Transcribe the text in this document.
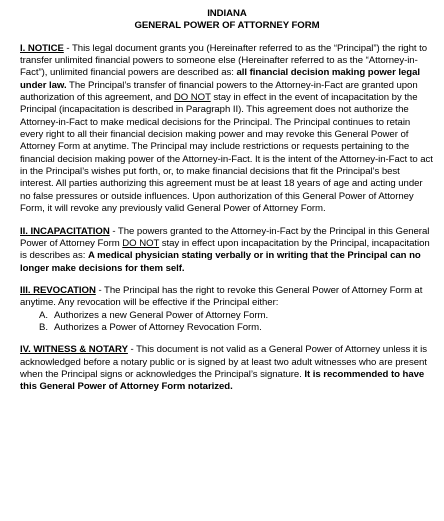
INDIANA

GENERAL POWER OF ATTORNEY FORM

I. NOTICE - This legal document grants you (Hereinafter referred to as the “Principal”) the right to transfer unlimited financial powers to someone else (Hereinafter referred to as the “Attorney-in-Fact”), unlimited financial powers are described as: all financial decision making power legal under law. The Principal’s transfer of financial powers to the Attorney-in-Fact are granted upon authorization of this agreement, and DO NOT stay in effect in the event of incapacitation by the Principal (incapacitation is described in Paragraph II). This agreement does not authorize the Attorney-in-Fact to make medical decisions for the Principal. The Principal continues to retain every right to all their financial decision making power and may revoke this General Power of Attorney Form at anytime. The Principal may include restrictions or requests pertaining to the financial decision making power of the Attorney-in-Fact. It is the intent of the Attorney-in-Fact to act in the Principal’s wishes put forth, or, to make financial decisions that fit the Principal’s best interest. All parties authorizing this agreement must be at least 18 years of age and acting under no false pressures or outside influences. Upon authorization of this General Power of Attorney Form, it will revoke any previously valid General Power of Attorney Form.

II. INCAPACITATION - The powers granted to the Attorney-in-Fact by the Principal in this General Power of Attorney Form DO NOT stay in effect upon incapacitation by the Principal, incapacitation is describes as: A medical physician stating verbally or in writing that the Principal can no longer make decisions for them self.

III. REVOCATION - The Principal has the right to revoke this General Power of Attorney Form at anytime. Any revocation will be effective if the Principal either:

A. Authorizes a new General Power of Attorney Form.
B. Authorizes a Power of Attorney Revocation Form.

IV. WITNESS & NOTARY - This document is not valid as a General Power of Attorney unless it is acknowledged before a notary public or is signed by at least two adult witnesses who are present when the Principal signs or acknowledges the Principal’s signature. It is recommended to have this General Power of Attorney Form notarized.
